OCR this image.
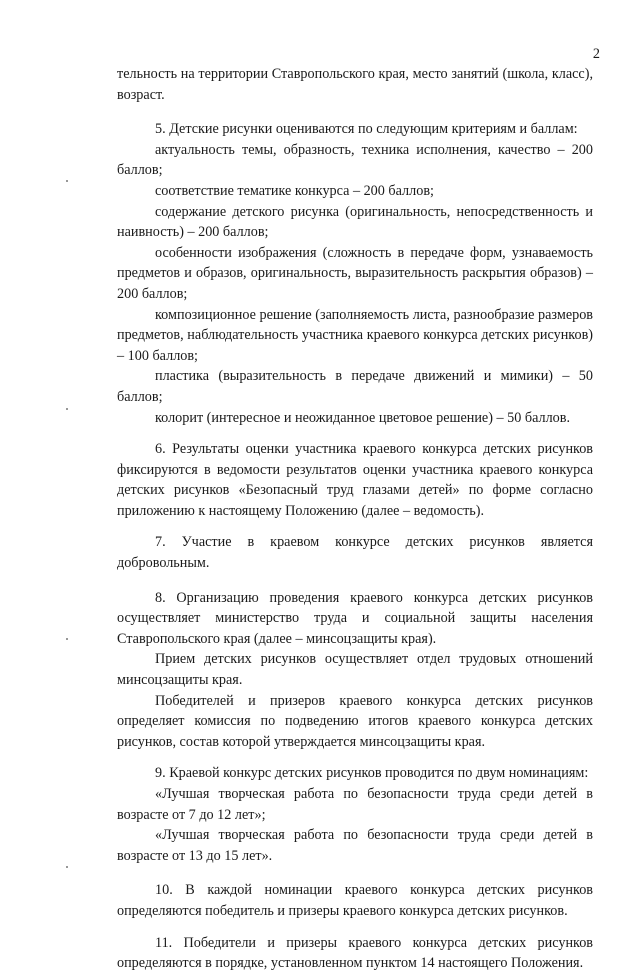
2

тельность на территории Ставропольского края, место занятий (школа, класс), возраст.

5. Детские рисунки оцениваются по следующим критериям и баллам:

актуальность темы, образность, техника исполнения, качество – 200 баллов;

соответствие тематике конкурса – 200 баллов;

содержание детского рисунка (оригинальность, непосредственность и наивность) – 200 баллов;

особенности изображения (сложность в передаче форм, узнаваемость предметов и образов, оригинальность, выразительность раскрытия образов) – 200 баллов;

композиционное решение (заполняемость листа, разнообразие размеров предметов, наблюдательность участника краевого конкурса детских рисунков) – 100 баллов;

пластика (выразительность в передаче движений и мимики) – 50 баллов;

колорит (интересное и неожиданное цветовое решение) – 50 баллов.

6. Результаты оценки участника краевого конкурса детских рисунков фиксируются в ведомости результатов оценки участника краевого конкурса детских рисунков «Безопасный труд глазами детей» по форме согласно приложению к настоящему Положению (далее – ведомость).

7. Участие в краевом конкурсе детских рисунков является добровольным.

8. Организацию проведения краевого конкурса детских рисунков осуществляет министерство труда и социальной защиты населения Ставропольского края (далее – минсоцзащиты края).

Прием детских рисунков осуществляет отдел трудовых отношений минсоцзащиты края.

Победителей и призеров краевого конкурса детских рисунков определяет комиссия по подведению итогов краевого конкурса детских рисунков, состав которой утверждается минсоцзащиты края.

9. Краевой конкурс детских рисунков проводится по двум номинациям:

«Лучшая творческая работа по безопасности труда среди детей в возрасте от 7 до 12 лет»;

«Лучшая творческая работа по безопасности труда среди детей в возрасте от 13 до 15 лет».

10. В каждой номинации краевого конкурса детских рисунков определяются победитель и призеры краевого конкурса детских рисунков.

11. Победители и призеры краевого конкурса детских рисунков определяются в порядке, установленном пунктом 14 настоящего Положения.
